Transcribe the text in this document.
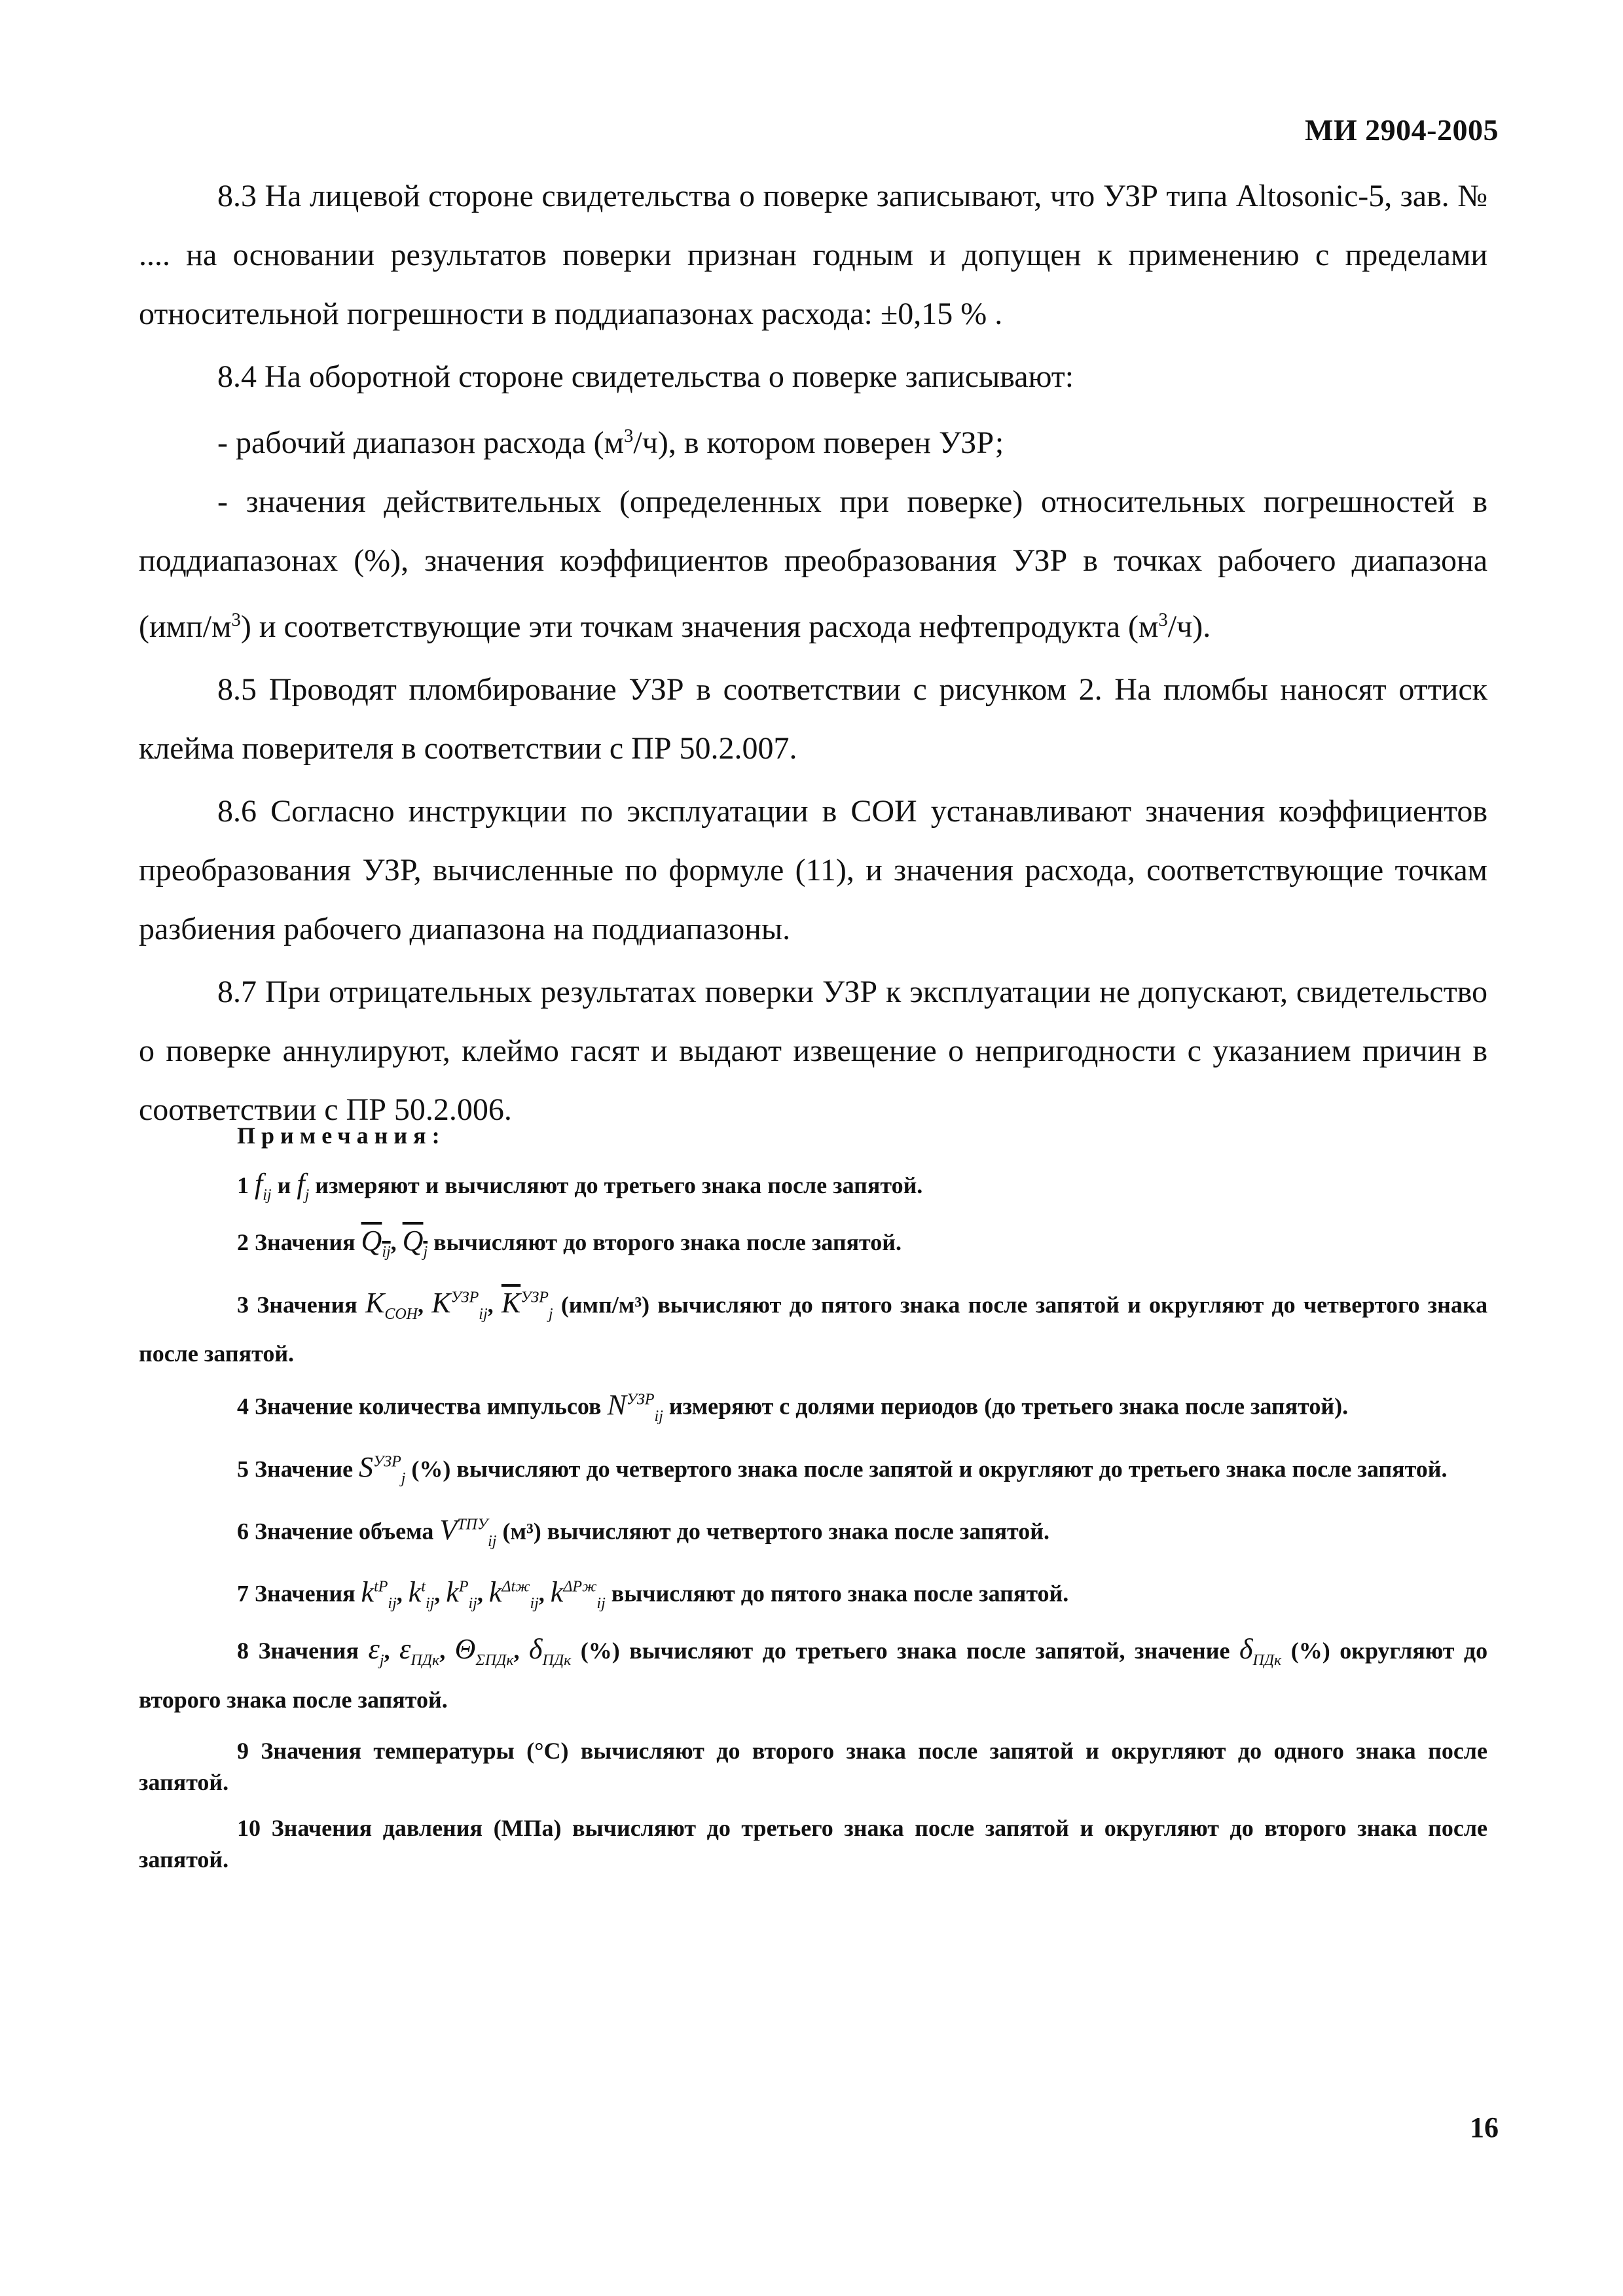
МИ 2904-2005

8.3 На лицевой стороне свидетельства о поверке записывают, что УЗР типа Altosonic-5, зав. № .... на основании результатов поверки признан годным и допущен к применению с пределами относительной погрешности в поддиапазонах расхода: ±0,15 % .

8.4 На оборотной стороне свидетельства о поверке записывают:

- рабочий диапазон расхода $(м^3/ч)$, в котором поверен УЗР;

- значения действительных (определенных при поверке) относительных погрешностей в поддиапазонах (%), значения коэффициентов преобразования УЗР в точках рабочего диапазона $(имп/м^3)$ и соответствующие эти точкам значения расхода нефтепродукта $(м^3/ч)$.

8.5 Проводят пломбирование УЗР в соответствии с рисунком 2. На пломбы наносят оттиск клейма поверителя в соответствии с ПР 50.2.007.

8.6 Согласно инструкции по эксплуатации в СОИ устанавливают значения коэффициентов преобразования УЗР, вычисленные по формуле (11), и значения расхода, соответствующие точкам разбиения рабочего диапазона на поддиапазоны.

8.7 При отрицательных результатах поверки УЗР к эксплуатации не допускают, свидетельство о поверке аннулируют, клеймо гасят и выдают извещение о непригодности с указанием причин в соответствии с ПР 50.2.006.

Примечания:

1 $f_{ij}$ и $f_j$ измеряют и вычисляют до третьего знака после запятой.

2 Значения $Q_{ij}$, $Q_j$ вычисляют до второго знака после запятой.

3 Значения $K_{СОН}$, $K^{УЗР}_{ij}$, $\overline{K}^{УЗР}_j$ (имп/м³) вычисляют до пятого знака после запятой и округляют до четвертого знака после запятой.

4 Значение количества импульсов $N^{УЗР}_{ij}$ измеряют с долями периодов (до третьего знака после запятой).

5 Значение $S^{УЗР}_j$ (%) вычисляют до четвертого знака после запятой и округляют до третьего знака после запятой.

6 Значение объема $V^{ТПУ}_{ij}$ (м³) вычисляют до четвертого знака после запятой.

7 Значения $k^{tP}_{ij}$, $k^t_{ij}$, $k^P_{ij}$, $k^{\Delta tж}_{ij}$, $k^{\Delta Рж}_{ij}$ вычисляют до пятого знака после запятой.

8 Значения $\varepsilon_j$, $\varepsilon_{ПДк}$, $\Theta_{\Sigma ПДк}$, $\delta_{ПДк}$ (%) вычисляют до третьего знака после запятой, значение $\delta_{ПДк}$ (%) округляют до второго знака после запятой.

9 Значения температуры (°С) вычисляют до второго знака после запятой и округляют до одного знака после запятой.

10 Значения давления (МПа) вычисляют до третьего знака после запятой и округляют до второго знака после запятой.

16
